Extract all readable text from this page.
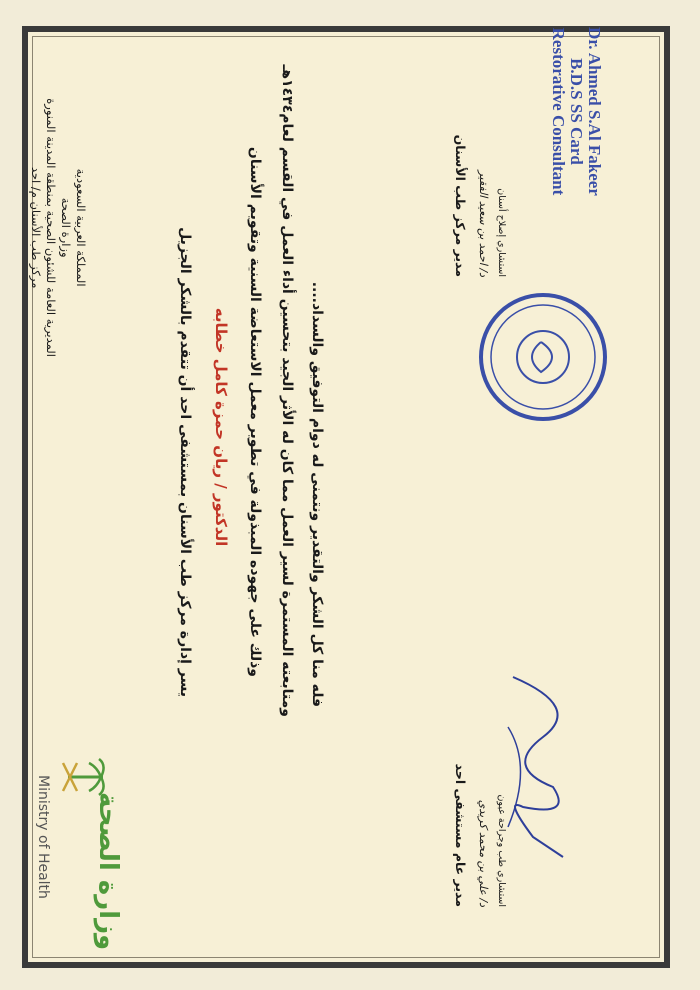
وزارة الصحة
Ministry of Health
المملكة العربية السعودية
وزارة الصحة
المديرية العامة للشئون الصحية بمنطقة المدينة المنورة
مركز طب الأسنان م/ احد	يسر إدارة مركز طب الأسنان بمستشفى احد أن تتقدم بالشكر الجزيل الدكتور / ريان حمزة كامل خطابه وذلك على جهوده المبذولة في تطوير معمل الاستعاضة السنية وتقويم الأسنان
ومتابعته المستمرة لسير العمل مما كان له الأثر الجيد بتحسين أداء العمل في القسم لعام١٤٣٤هـ فله منا كل الشكر والتقدير ونتمنى له دوام التوفيق والسداد....
مدير عام مستشفى احد د/ علي بن محمد كريدي استشاري طب وجراحة عيون
مدير مركز طب الأسنان د/ احمد بن سعيد الفقير استشاري إصلاح أسنان
Dr. Ahmed S.Al Fakeer
B.D.S SS Card
Restorative Consultant
